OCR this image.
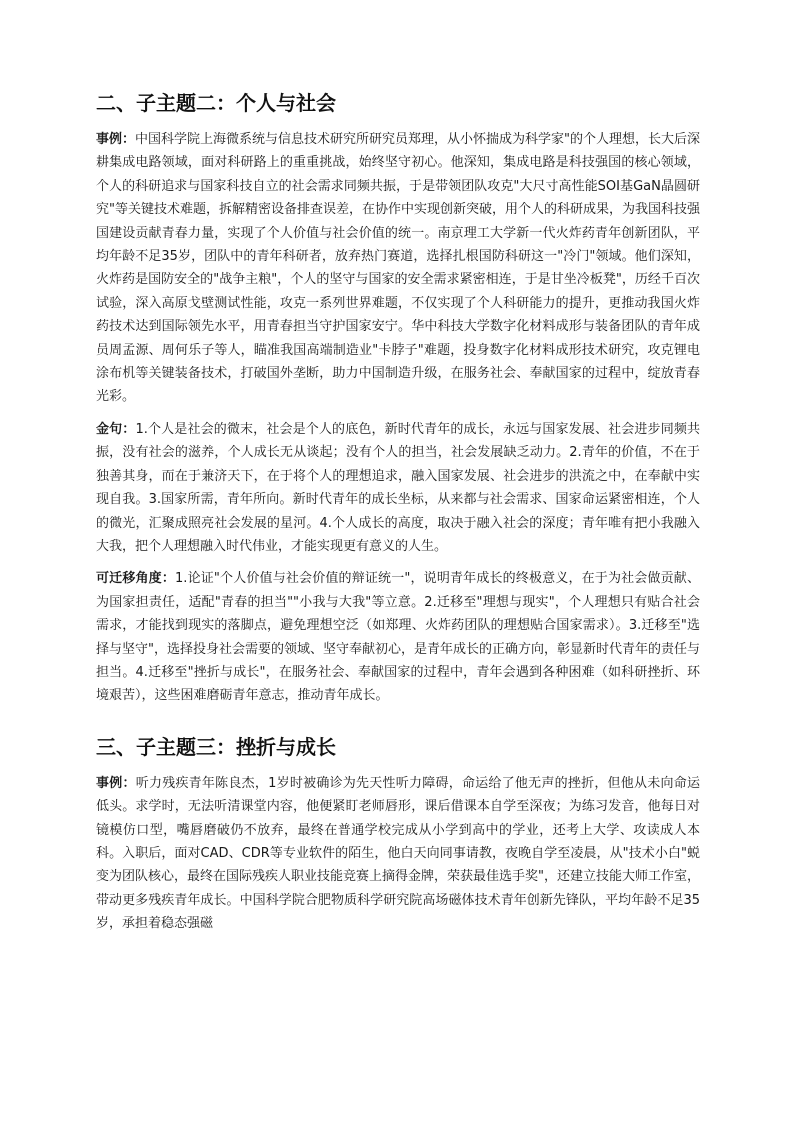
二、子主题二：个人与社会

事例：中国科学院上海微系统与信息技术研究所研究员郑理，从小怀揣成为科学家"的个人理想，长大后深耕集成电路领域，面对科研路上的重重挑战，始终坚守初心。他深知，集成电路是科技强国的核心领域，个人的科研追求与国家科技自立的社会需求同频共振，于是带领团队攻克"大尺寸高性能SOI基GaN晶圆研究"等关键技术难题，拆解精密设备排查误差，在协作中实现创新突破，用个人的科研成果，为我国科技强国建设贡献青春力量，实现了个人价值与社会价值的统一。南京理工大学新一代火炸药青年创新团队，平均年龄不足35岁，团队中的青年科研者，放弃热门赛道，选择扎根国防科研这一"冷门"领域。他们深知，火炸药是国防安全的"战争主粮"，个人的坚守与国家的安全需求紧密相连，于是甘坐冷板凳"，历经千百次试验，深入高原戈壁测试性能，攻克一系列世界难题，不仅实现了个人科研能力的提升，更推动我国火炸药技术达到国际领先水平，用青春担当守护国家安宁。华中科技大学数字化材料成形与装备团队的青年成员周孟源、周何乐子等人，瞄准我国高端制造业"卡脖子"难题，投身数字化材料成形技术研究，攻克锂电涂布机等关键装备技术，打破国外垄断，助力中国制造升级，在服务社会、奉献国家的过程中，绽放青春光彩。

金句：1.个人是社会的微末，社会是个人的底色，新时代青年的成长，永远与国家发展、社会进步同频共振，没有社会的滋养，个人成长无从谈起；没有个人的担当，社会发展缺乏动力。2.青年的价值，不在于独善其身，而在于兼济天下，在于将个人的理想追求，融入国家发展、社会进步的洪流之中，在奉献中实现自我。3.国家所需，青年所向。新时代青年的成长坐标，从来都与社会需求、国家命运紧密相连，个人的微光，汇聚成照亮社会发展的星河。4.个人成长的高度，取决于融入社会的深度；青年唯有把小我融入大我，把个人理想融入时代伟业，才能实现更有意义的人生。

可迁移角度：1.论证"个人价值与社会价值的辩证统一"，说明青年成长的终极意义，在于为社会做贡献、为国家担责任，适配"青春的担当""小我与大我"等立意。2.迁移至"理想与现实"，个人理想只有贴合社会需求，才能找到现实的落脚点，避免理想空泛（如郑理、火炸药团队的理想贴合国家需求）。3.迁移至"选择与坚守"，选择投身社会需要的领域、坚守奉献初心，是青年成长的正确方向，彰显新时代青年的责任与担当。4.迁移至"挫折与成长"，在服务社会、奉献国家的过程中，青年会遇到各种困难（如科研挫折、环境艰苦），这些困难磨砺青年意志，推动青年成长。

三、子主题三：挫折与成长

事例：听力残疾青年陈良杰，1岁时被确诊为先天性听力障碍，命运给了他无声的挫折，但他从未向命运低头。求学时，无法听清课堂内容，他便紧盯老师唇形，课后借课本自学至深夜；为练习发音，他每日对镜模仿口型，嘴唇磨破仍不放弃，最终在普通学校完成从小学到高中的学业，还考上大学、攻读成人本科。入职后，面对CAD、CDR等专业软件的陌生，他白天向同事请教，夜晚自学至凌晨，从"技术小白"蜕变为团队核心，最终在国际残疾人职业技能竞赛上摘得金牌，荣获最佳选手奖"，还建立技能大师工作室，带动更多残疾青年成长。中国科学院合肥物质科学研究院高场磁体技术青年创新先锋队，平均年龄不足35岁，承担着稳态强磁
